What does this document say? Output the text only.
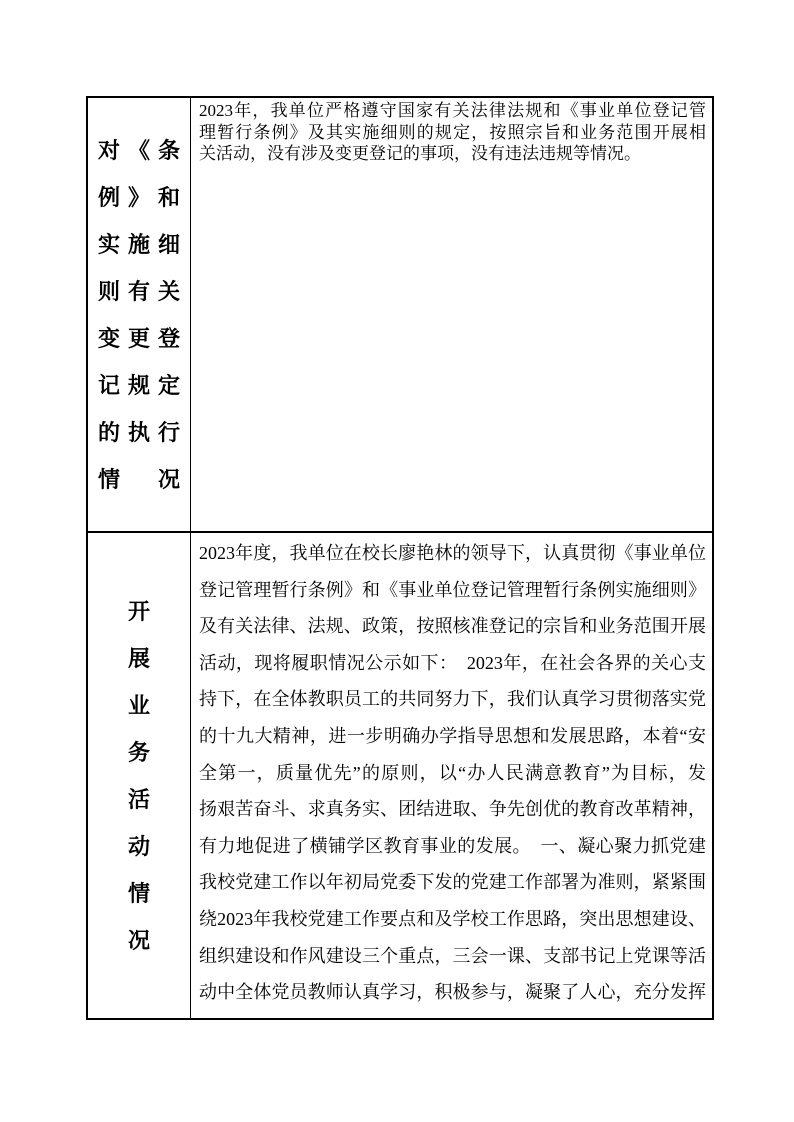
对《条
例》和
实施细
则有关
变更登
记规定
的执行
情况
2023年，我单位严格遵守国家有关法律法规和《事业单位登记管
理暂行条例》及其实施细则的规定，按照宗旨和业务范围开展相
关活动，没有涉及变更登记的事项，没有违法违规等情况。
开
展
业
务
活
动
情
况
2023年度，我单位在校长廖艳林的领导下，认真贯彻《事业单位
登记管理暂行条例》和《事业单位登记管理暂行条例实施细则》
及有关法律、法规、政策，按照核准登记的宗旨和业务范围开展
活动，现将履职情况公示如下：　2023年，在社会各界的关心支
持下，在全体教职员工的共同努力下，我们认真学习贯彻落实党
的十九大精神，进一步明确办学指导思想和发展思路，本着“安
全第一，质量优先”的原则，以“办人民满意教育”为目标，发
扬艰苦奋斗、求真务实、团结进取、争先创优的教育改革精神，
有力地促进了横铺学区教育事业的发展。　一、凝心聚力抓党建
我校党建工作以年初局党委下发的党建工作部署为准则，紧紧围
绕2023年我校党建工作要点和及学校工作思路，突出思想建设、
组织建设和作风建设三个重点，三会一课、支部书记上党课等活
动中全体党员教师认真学习，积极参与，凝聚了人心，充分发挥
